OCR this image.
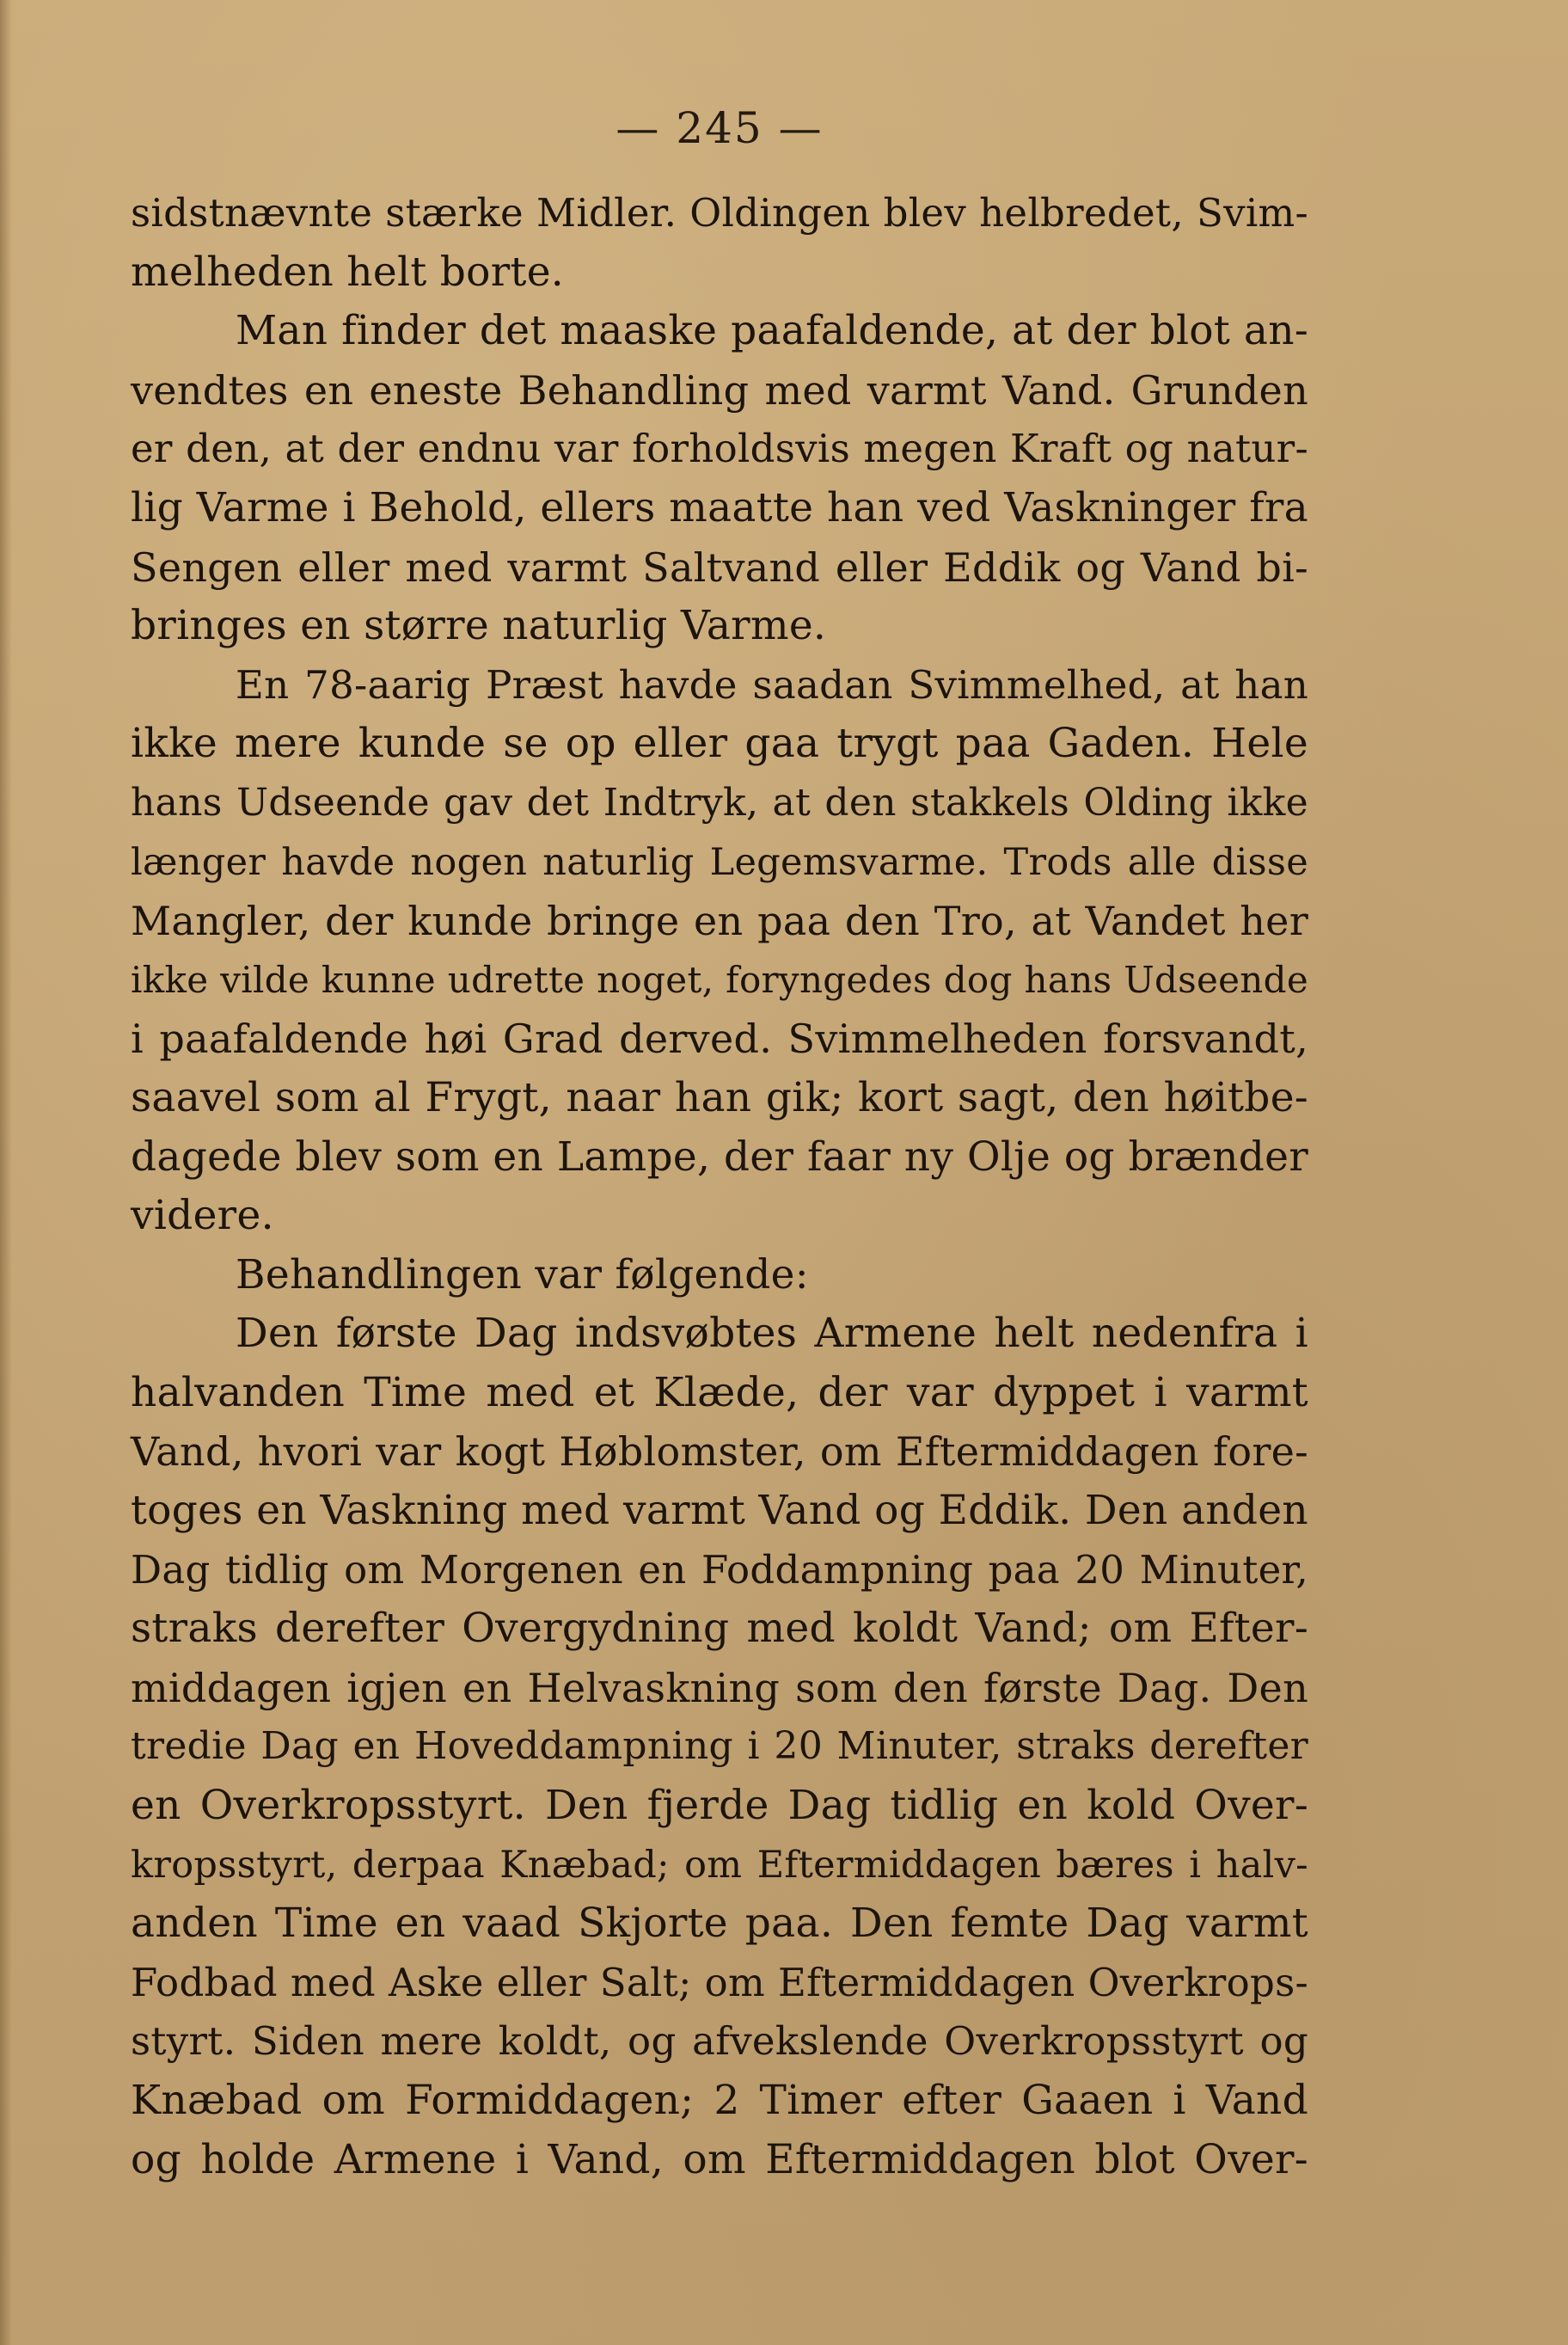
— 245 —
sidstnævnte stærke Midler. Oldingen blev helbredet, Svim-
melheden helt borte.
Man finder det maaske paafaldende, at der blot an-
vendtes en eneste Behandling med varmt Vand. Grunden
er den, at der endnu var forholdsvis megen Kraft og natur-
lig Varme i Behold, ellers maatte han ved Vaskninger fra
Sengen eller med varmt Saltvand eller Eddik og Vand bi-
bringes en større naturlig Varme.
En 78-aarig Præst havde saadan Svimmelhed, at han
ikke mere kunde se op eller gaa trygt paa Gaden. Hele
hans Udseende gav det Indtryk, at den stakkels Olding ikke
længer havde nogen naturlig Legemsvarme. Trods alle disse
Mangler, der kunde bringe en paa den Tro, at Vandet her
ikke vilde kunne udrette noget, foryngedes dog hans Udseende
i paafaldende høi Grad derved. Svimmelheden forsvandt,
saavel som al Frygt, naar han gik; kort sagt, den høitbe-
dagede blev som en Lampe, der faar ny Olje og brænder
videre.
Behandlingen var følgende:
Den første Dag indsvøbtes Armene helt nedenfra i
halvanden Time med et Klæde, der var dyppet i varmt
Vand, hvori var kogt Høblomster, om Eftermiddagen fore-
toges en Vaskning med varmt Vand og Eddik. Den anden
Dag tidlig om Morgenen en Foddampning paa 20 Minuter,
straks derefter Overgydning med koldt Vand; om Efter-
middagen igjen en Helvaskning som den første Dag. Den
tredie Dag en Hoveddampning i 20 Minuter, straks derefter
en Overkropsstyrt. Den fjerde Dag tidlig en kold Over-
kropsstyrt, derpaa Knæbad; om Eftermiddagen bæres i halv-
anden Time en vaad Skjorte paa. Den femte Dag varmt
Fodbad med Aske eller Salt; om Eftermiddagen Overkrops-
styrt. Siden mere koldt, og afvekslende Overkropsstyrt og
Knæbad om Formiddagen; 2 Timer efter Gaaen i Vand
og holde Armene i Vand, om Eftermiddagen blot Over-
